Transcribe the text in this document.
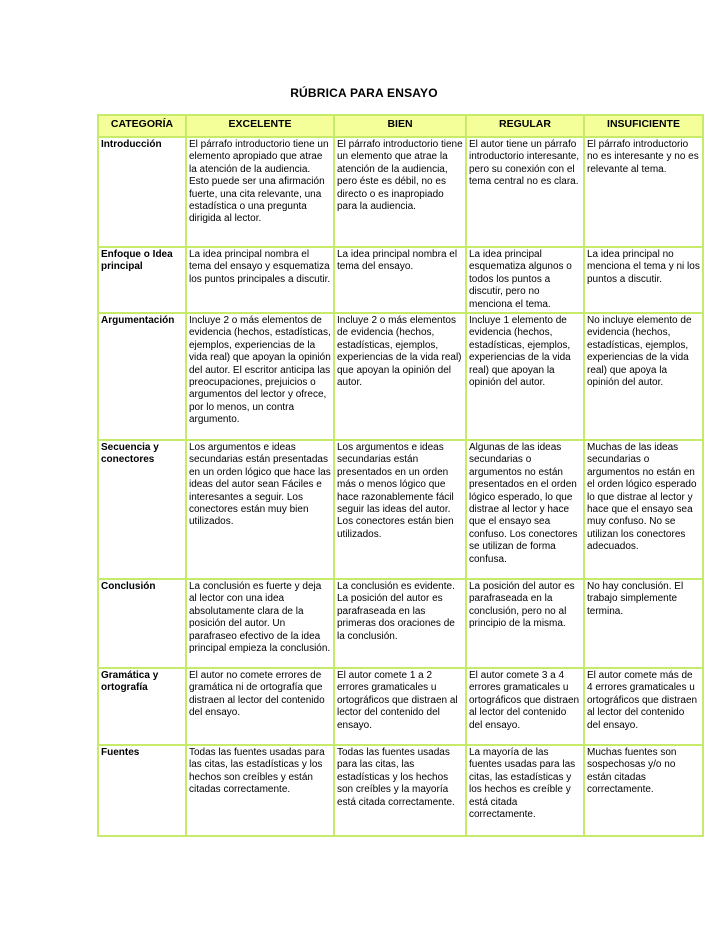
RÚBRICA PARA ENSAYO
CATEGORÍA	EXCELENTE	BIEN	REGULAR	INSUFICIENTE
Introducción	El párrafo introductorio tiene un elemento apropiado que atrae la atención de la audiencia. Esto puede ser una afirmación fuerte, una cita relevante, una estadística o una pregunta dirigida al lector.	El párrafo introductorio tiene un elemento que atrae la atención de la audiencia, pero éste es débil, no es directo o es inapropiado para la audiencia.	El autor tiene un párrafo introductorio interesante, pero su conexión con el tema central no es clara.	El párrafo introductorio no es interesante y no es relevante al tema.
Enfoque o Idea principal	La idea principal nombra el tema del ensayo y esquematiza los puntos principales a discutir.	La idea principal nombra el tema del ensayo.	La idea principal esquematiza algunos o todos los puntos a discutir, pero no menciona el tema.	La idea principal no menciona el tema y ni los puntos a discutir.
Argumentación	Incluye 2 o más elementos de evidencia (hechos, estadísticas, ejemplos, experiencias de la vida real) que apoyan la opinión del autor. El escritor anticipa las preocupaciones, prejuicios o argumentos del lector y ofrece, por lo menos, un contra argumento.	Incluye 2 o más elementos de evidencia (hechos, estadísticas, ejemplos, experiencias de la vida real) que apoyan la opinión del autor.	Incluye 1 elemento de evidencia (hechos, estadísticas, ejemplos, experiencias de la vida real) que apoyan la opinión del autor.	No incluye elemento de evidencia (hechos, estadísticas, ejemplos, experiencias de la vida real) que apoya la opinión del autor.
Secuencia y conectores	Los argumentos e ideas secundarias están presentadas en un orden lógico que hace las ideas del autor sean Fáciles e interesantes a seguir. Los conectores están muy bien utilizados.	Los argumentos e ideas secundarias están presentados en un orden más o menos lógico que hace razonablemente fácil seguir las ideas del autor. Los conectores están bien utilizados.	Algunas de las ideas secundarias o argumentos no están presentados en el orden lógico esperado, lo que distrae al lector y hace que el ensayo sea confuso. Los conectores se utilizan de forma confusa.	Muchas de las ideas secundarias o argumentos no están en el orden lógico esperado lo que distrae al lector y hace que el ensayo sea muy confuso. No se utilizan los conectores adecuados.
Conclusión	La conclusión es fuerte y deja al lector con una idea absolutamente clara de la posición del autor. Un parafraseo efectivo de la idea principal empieza la conclusión.	La conclusión es evidente. La posición del autor es parafraseada en las primeras dos oraciones de la conclusión.	La posición del autor es parafraseada en la conclusión, pero no al principio de la misma.	No hay conclusión. El trabajo simplemente termina.
Gramática y ortografía	El autor no comete errores de gramática ni de ortografía que distraen al lector del contenido del ensayo.	El autor comete 1 a 2 errores gramaticales u ortográficos que distraen al lector del contenido del ensayo.	El autor comete 3 a 4 errores gramaticales u ortográficos que distraen al lector del contenido del ensayo.	El autor comete más de 4 errores gramaticales u ortográficos que distraen al lector del contenido del ensayo.
Fuentes	Todas las fuentes usadas para las citas, las estadísticas y los hechos son creíbles y están citadas correctamente.	Todas las fuentes usadas para las citas, las estadísticas y los hechos son creíbles y la mayoría está citada correctamente.	La mayoría de las fuentes usadas para las citas, las estadísticas y los hechos es creíble y está citada correctamente.	Muchas fuentes son sospechosas y/o no están citadas correctamente.
